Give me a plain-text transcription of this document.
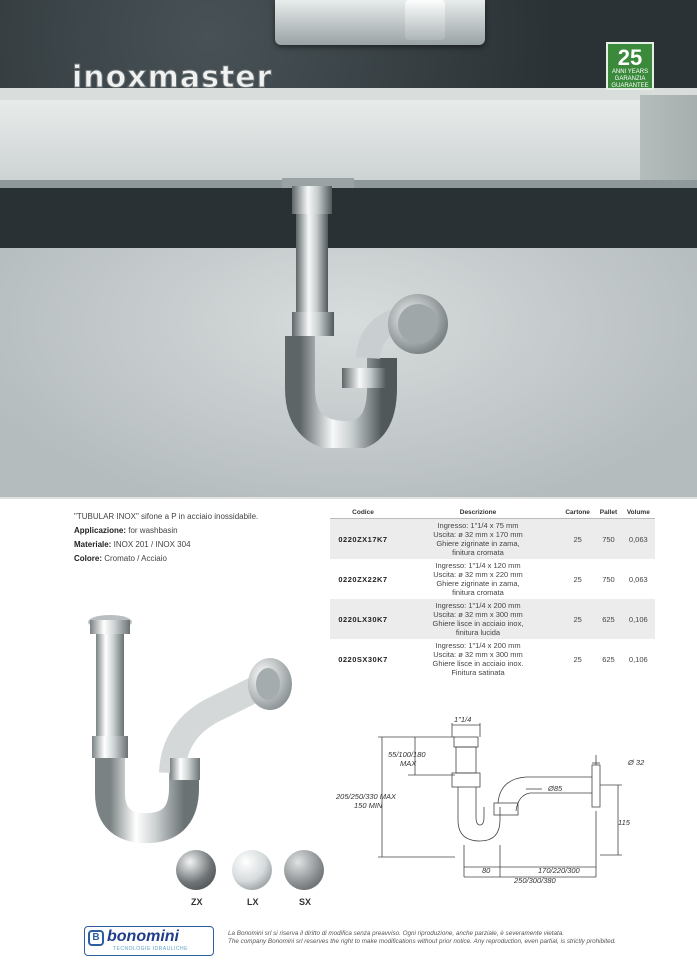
inoxmaster
25
ANNI YEARS
GARANZIA
GUARANTEE
"TUBULAR INOX" sifone a P in acciaio inossidabile.
Applicazione: for washbasin
Materiale: INOX 201 / INOX 304
Colore: Cromato / Acciaio
Codice	Descrizione	Cartone	Pallet	Volume
0220ZX17K7	Ingresso: 1"1/4 x 75 mm
Uscita: ø 32 mm x 170 mm
Ghiere zigrinate in zama,
finitura cromata	25	750	0,063
0220ZX22K7	Ingresso: 1"1/4 x 120 mm
Uscita: ø 32 mm x 220 mm
Ghiere zigrinate in zama,
finitura cromata	25	750	0,063
0220LX30K7	Ingresso: 1"1/4 x 200 mm
Uscita: ø 32 mm x 300 mm
Ghiere lisce in acciaio inox,
finitura lucida	25	625	0,106
0220SX30K7	Ingresso: 1"1/4 x 200 mm
Uscita: ø 32 mm x 300 mm
Ghiere lisce in acciaio inox.
Finitura satinata	25	625	0,106
ZX	LX	SX
1"1/4
55/100/180
MAX
205/250/330 MAX
150 MIN
Ø 32
Ø85
115
80	170/220/300
250/300/380
B bonomini
TECNOLOGIE IDRAULICHE
La Bonomini srl si riserva il diritto di modifica senza preavviso. Ogni riproduzione, anche parziale, è severamente vietata.
The company Bonomini srl reserves the right to make modifications without prior notice. Any reproduction, even partial, is strictly prohibited.
